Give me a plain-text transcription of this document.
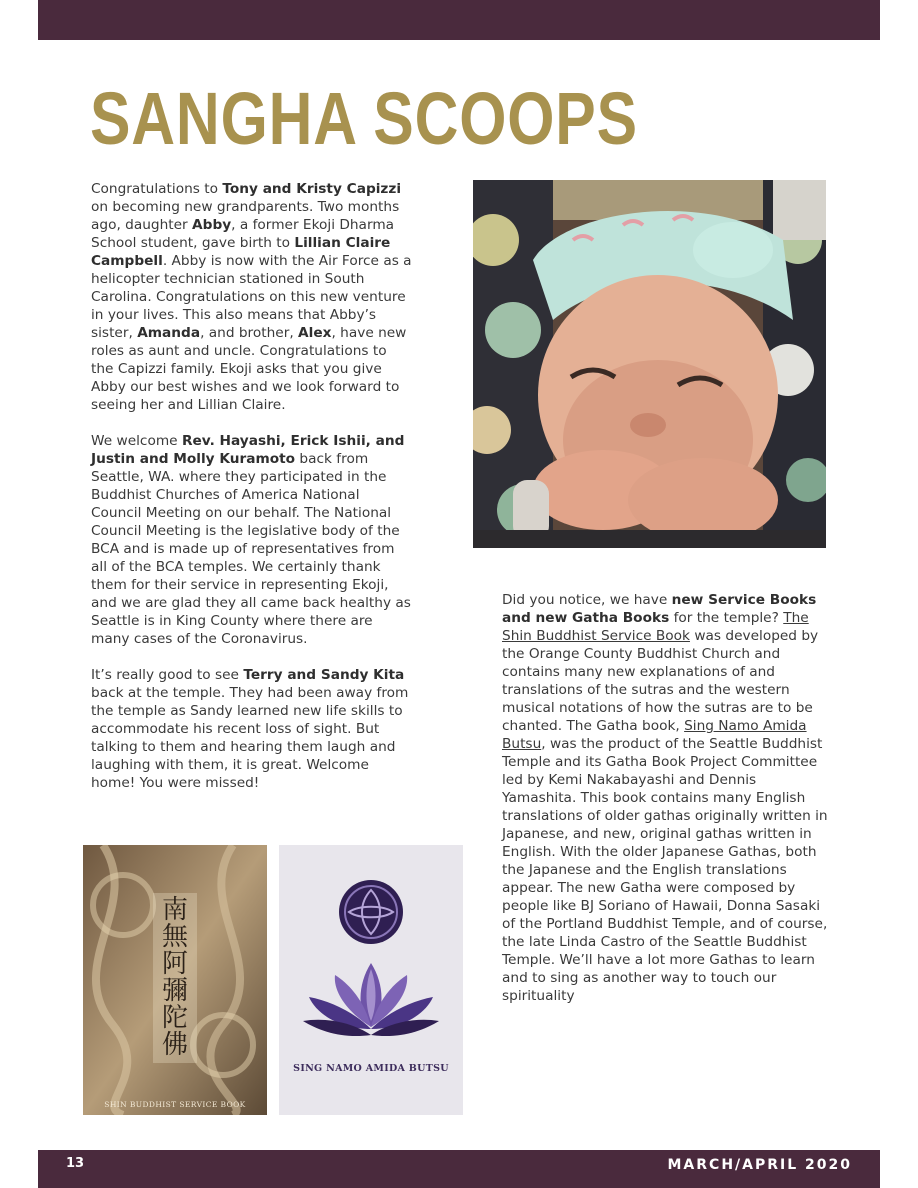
SANGHA SCOOPS

Congratulations to Tony and Kristy Capizzi on becoming new grandparents. Two months ago, daughter Abby, a former Ekoji Dharma School student, gave birth to Lillian Claire Campbell. Abby is now with the Air Force as a helicopter technician stationed in South Carolina. Congratulations on this new venture in your lives. This also means that Abby’s sister, Amanda, and brother, Alex, have new roles as aunt and uncle. Congratulations to the Capizzi family. Ekoji asks that you give Abby our best wishes and we look forward to seeing her and Lillian Claire.

We welcome Rev. Hayashi, Erick Ishii, and Justin and Molly Kuramoto back from Seattle, WA. where they participated in the Buddhist Churches of America National Council Meeting on our behalf. The National Council Meeting is the legislative body of the BCA and is made up of representatives from all of the BCA temples. We certainly thank them for their service in representing Ekoji, and we are glad they all came back healthy as Seattle is in King County where there are many cases of the Coronavirus.

It’s really good to see Terry and Sandy Kita back at the temple. They had been away from the temple as Sandy learned new life skills to accommodate his recent loss of sight. But talking to them and hearing them laugh and laughing with them, it is great. Welcome home! You were missed!

Did you notice, we have new Service Books and new Gatha Books for the temple? The Shin Buddhist Service Book was developed by the Orange County Buddhist Church and contains many new explanations of and translations of the sutras and the western musical notations of how the sutras are to be chanted. The Gatha book, Sing Namo Amida Butsu, was the product of the Seattle Buddhist Temple and its Gatha Book Project Committee led by Kemi Nakabayashi and Dennis Yamashita. This book contains many English translations of older gathas originally written in Japanese, and new, original gathas written in English. With the older Japanese Gathas, both the Japanese and the English translations appear. The new Gatha were composed by people like BJ Soriano of Hawaii, Donna Sasaki of the Portland Buddhist Temple, and of course, the late Linda Castro of the Seattle Buddhist Temple. We’ll have a lot more Gathas to learn and to sing as another way to touch our spirituality

南
無
阿
彌
陀
佛
SHIN BUDDHIST SERVICE BOOK
SING NAMO AMIDA BUTSU
13	MARCH/APRIL 2020
